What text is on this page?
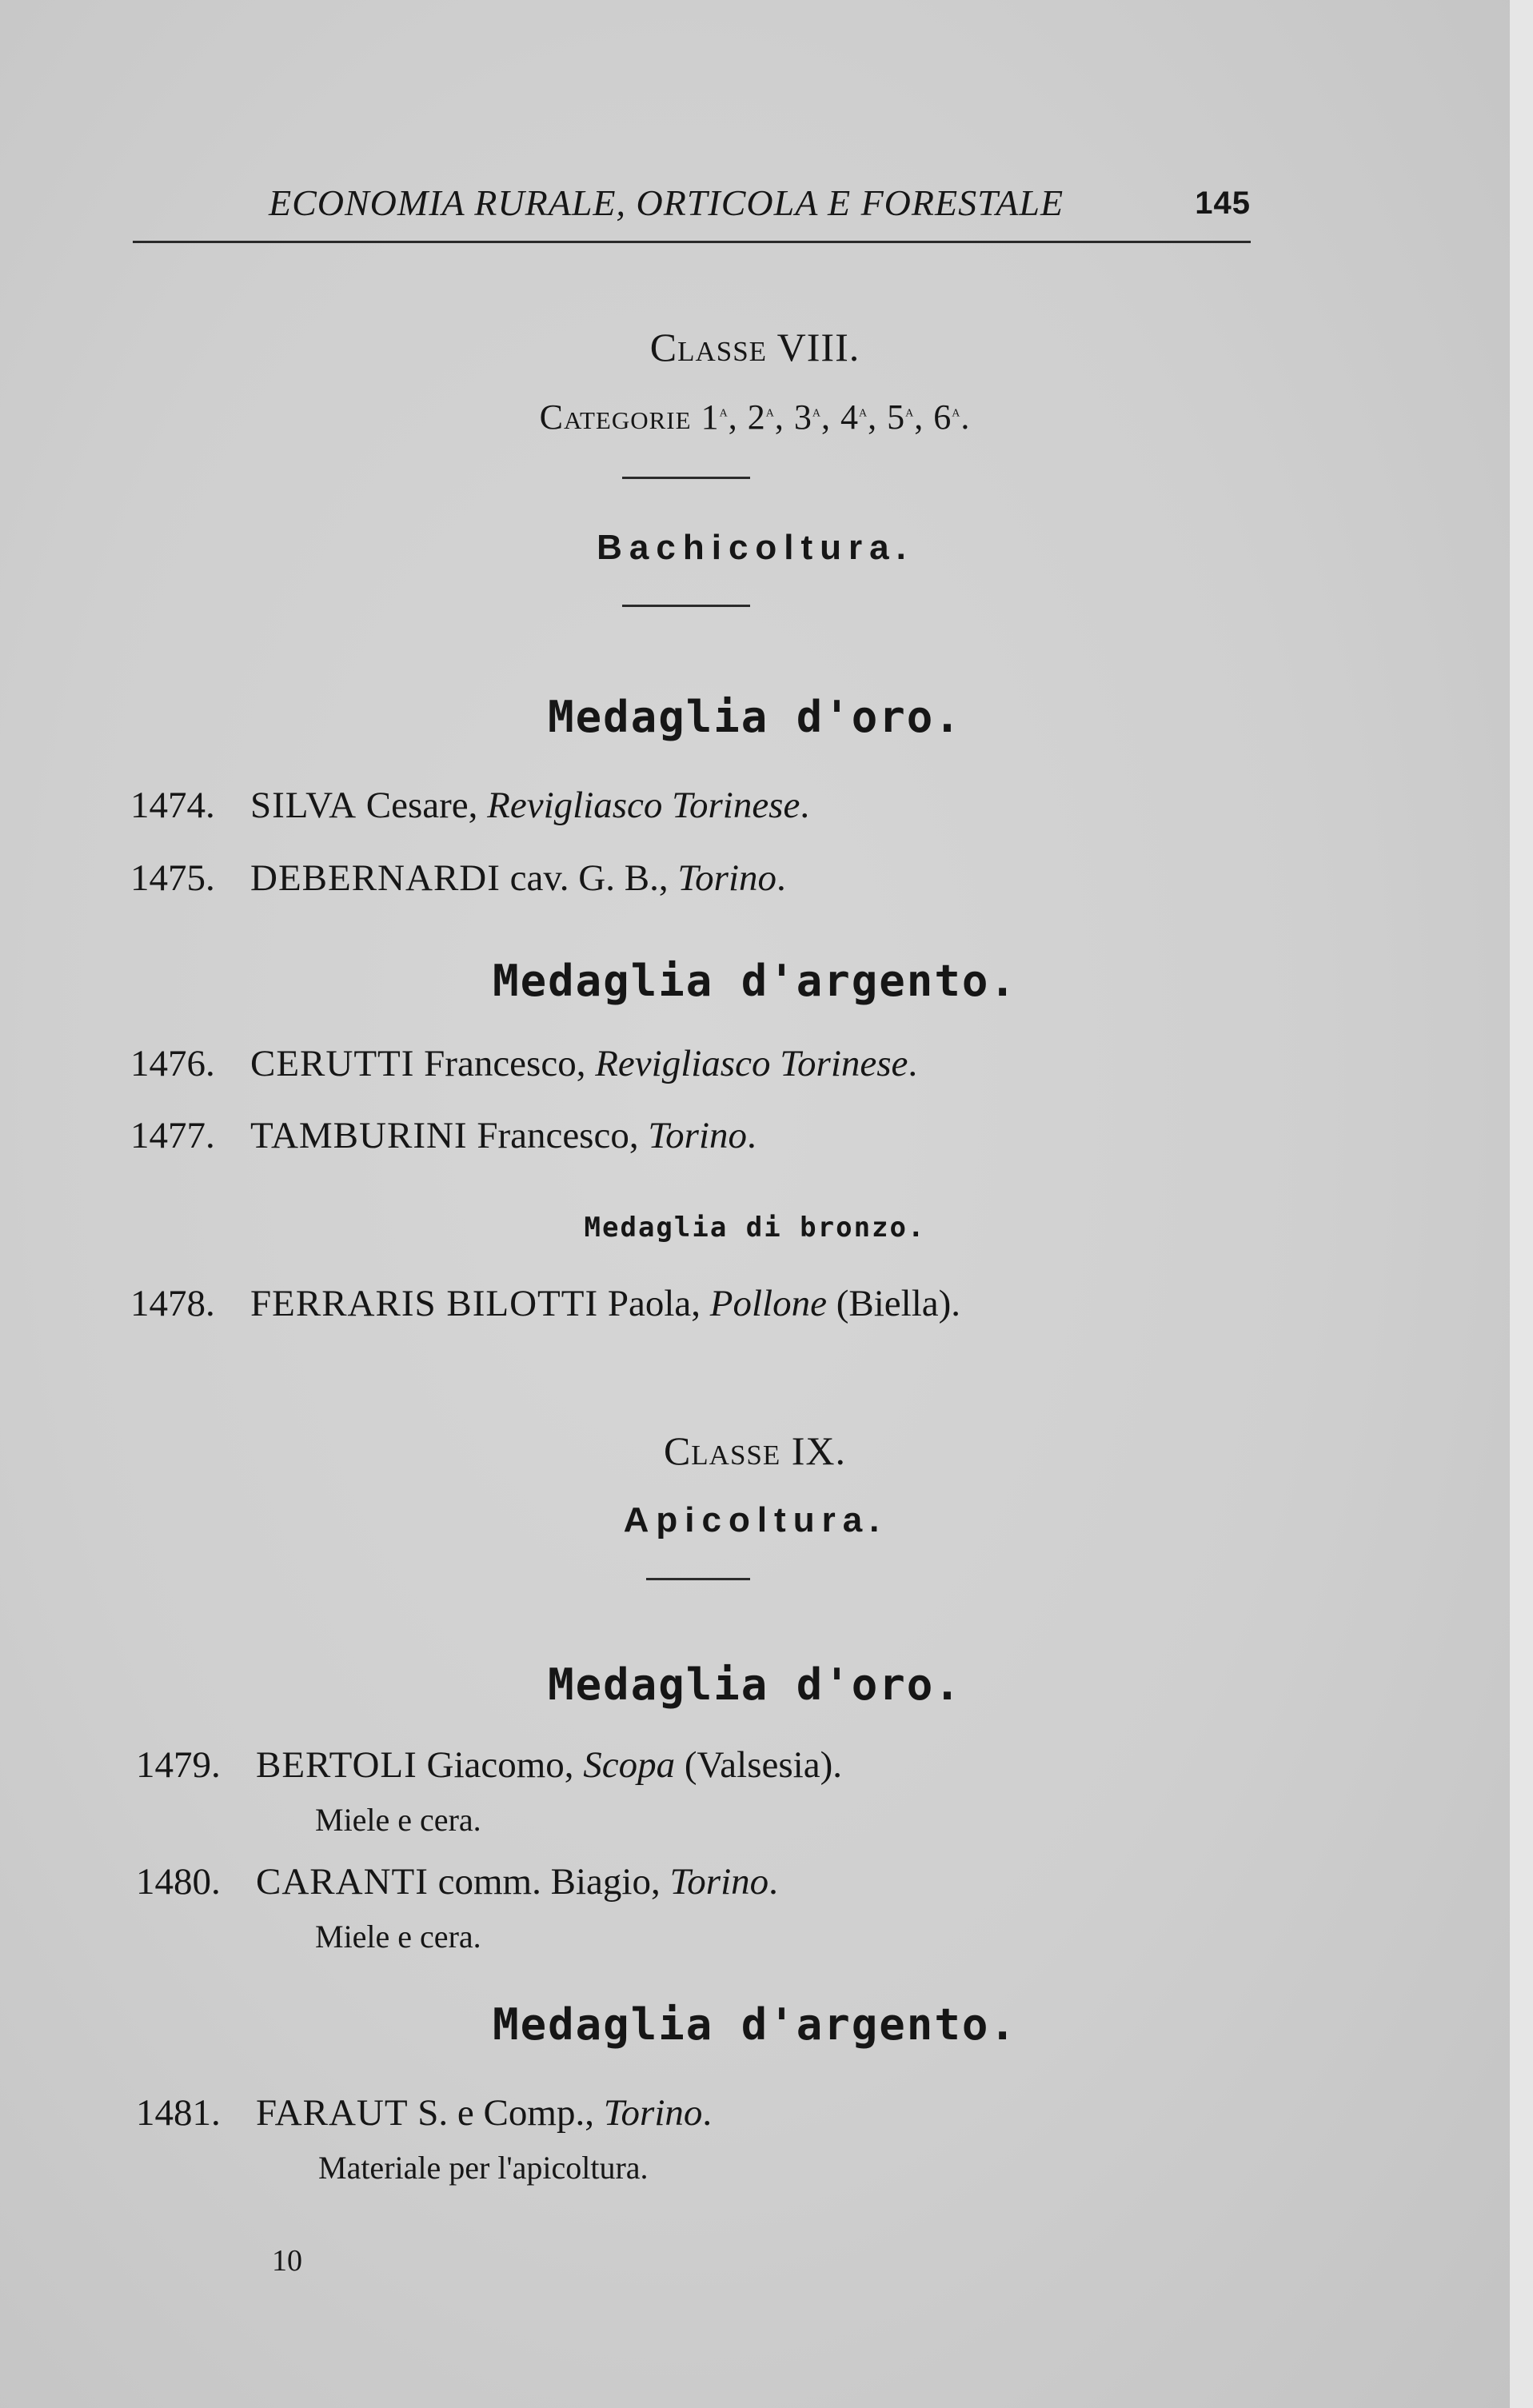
ECONOMIA RURALE, ORTICOLA E FORESTALE	145
Classe VIII.
Categorie 1$^a$, 2$^a$, 3$^a$, 4$^a$, 5$^a$, 6$^a$.
Bachicoltura.
Medaglia d'oro.
1474. SILVA Cesare, Revigliasco Torinese.
1475. DEBERNARDI cav. G. B., Torino.
Medaglia d'argento.
1476. CERUTTI Francesco, Revigliasco Torinese.
1477. TAMBURINI Francesco, Torino.
Medaglia di bronzo.
1478. FERRARIS BILOTTI Paola, Pollone (Biella).
Classe IX.
Apicoltura.
Medaglia d'oro.
1479. BERTOLI Giacomo, Scopa (Valsesia).
Miele e cera.
1480. CARANTI comm. Biagio, Torino.
Miele e cera.
Medaglia d'argento.
1481. FARAUT S. e Comp., Torino.
Materiale per l'apicoltura.
10
